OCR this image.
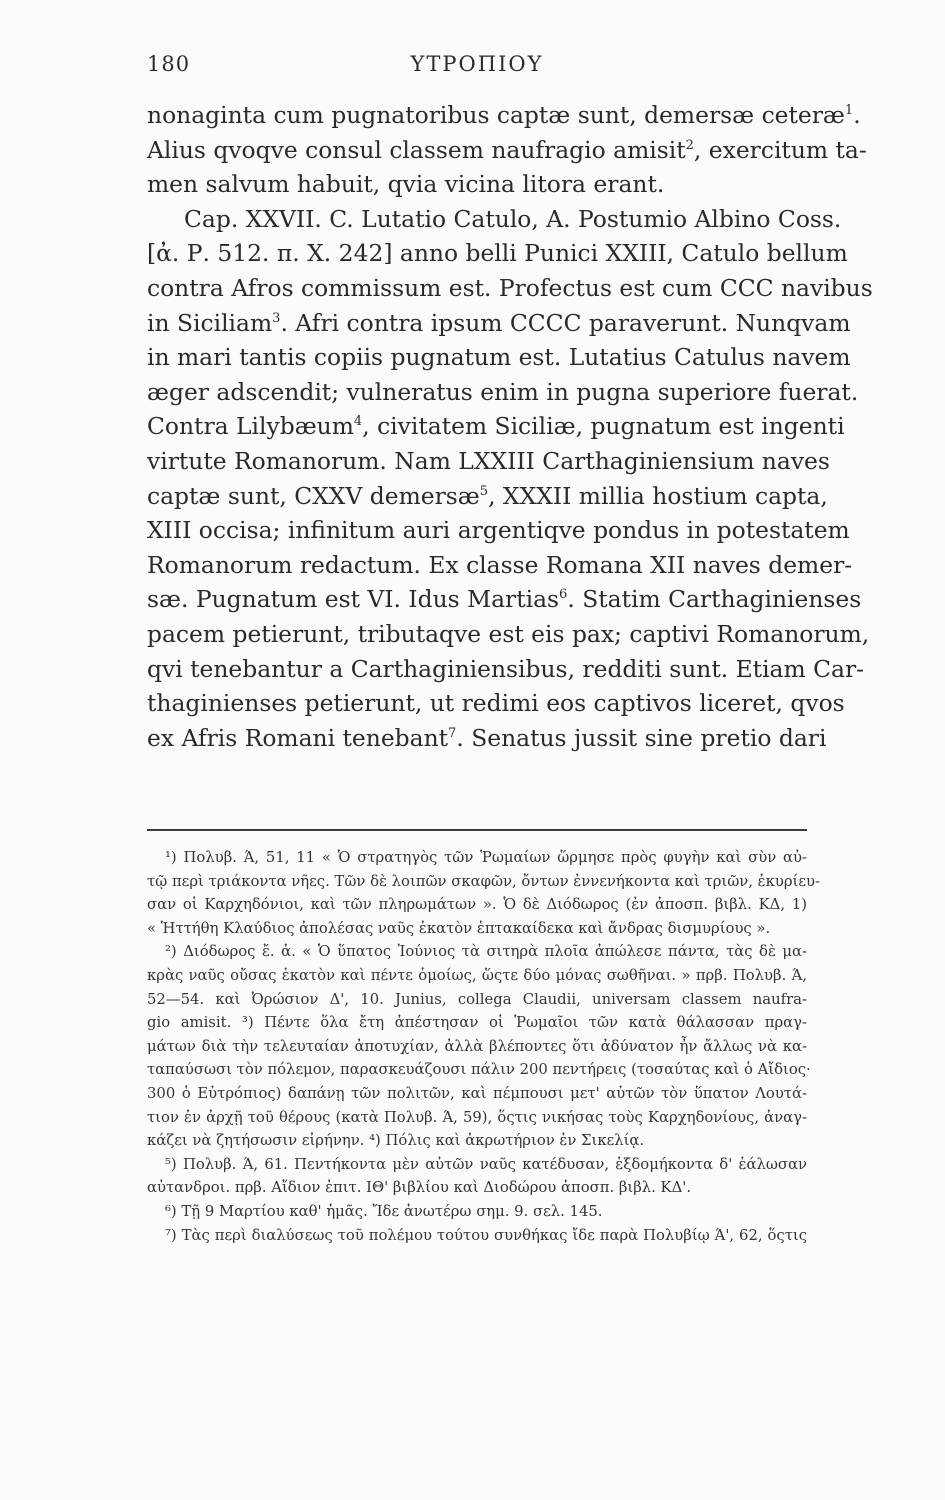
180	ΥΤΡΟΠΙΟΥ
nonaginta cum pugnatoribus captæ sunt, demersæ ceteræ$^1$.
Alius qvoqve consul classem naufragio amisit$^2$, exercitum ta-
men salvum habuit, qvia vicina litora erant.
Cap. XXVII. C. Lutatio Catulo, A. Postumio Albino Coss.
[ἀ. Ρ. 512. π. Χ. 242] anno belli Punici XXIII, Catulo bellum
contra Afros commissum est. Profectus est cum CCC navibus
in Siciliam$^3$. Afri contra ipsum CCCC paraverunt. Nunqvam
in mari tantis copiis pugnatum est. Lutatius Catulus navem
æger adscendit; vulneratus enim in pugna superiore fuerat.
Contra Lilybæum$^4$, civitatem Siciliæ, pugnatum est ingenti
virtute Romanorum. Nam LXXIII Carthaginiensium naves
captæ sunt, CXXV demersæ$^5$, XXXII millia hostium capta,
XIII occisa; infinitum auri argentiqve pondus in potestatem
Romanorum redactum. Ex classe Romana XII naves demer-
sæ. Pugnatum est VI. Idus Martias$^6$. Statim Carthaginienses
pacem petierunt, tributaqve est eis pax; captivi Romanorum,
qvi tenebantur a Carthaginiensibus, redditi sunt. Etiam Car-
thaginienses petierunt, ut redimi eos captivos liceret, qvos
ex Afris Romani tenebant$^7$. Senatus jussit sine pretio dari
¹) Πολυβ. Ά, 51, 11 « Ὁ στρατηγὸς τῶν Ῥωμαίων ὥρμησε πρὸς φυγὴν καὶ σὺν αὐ-
τῷ περὶ τριάκοντα νῆες. Τῶν δὲ λοιπῶν σκαφῶν, ὄντων ἐννενήκοντα καὶ τριῶν, ἐκυρίευ-
σαν οἱ Καρχηδόνιοι, καὶ τῶν πληρωμάτων ». Ὁ δὲ Διόδωρος (ἐν ἀποσπ. βιβλ. ΚΔ, 1)
« Ἡττήθη Κλαύδιος ἀπολέσας ναῦς ἑκατὸν ἑπτακαίδεκα καὶ ἄνδρας δισμυρίους ».
²) Διόδωρος ἔ. ἀ. « Ὁ ὕπατος Ἰούνιος τὰ σιτηρὰ πλοῖα ἀπώλεσε πάντα, τὰς δὲ μα-
κρὰς ναῦς οὔσας ἑκατὸν καὶ πέντε ὁμοίως, ὥςτε δύο μόνας σωθῆναι. » πρβ. Πολυβ. Ά,
52—54. καὶ Ὀρώσιον Δ', 10. Junius, collega Claudii, universam classem naufra-
gio amisit. ³) Πέντε ὅλα ἔτη ἀπέστησαν οἱ Ῥωμαῖοι τῶν κατὰ θάλασσαν πραγ-
μάτων διὰ τὴν τελευταίαν ἀποτυχίαν, ἀλλὰ βλέποντες ὅτι ἀδύνατον ἦν ἄλλως νὰ κα-
ταπαύσωσι τὸν πόλεμον, παρασκευάζουσι πάλιν 200 πεντήρεις (τοσαύτας καὶ ὁ Αἴδιος·
300 ὁ Εὐτρόπιος) δαπάνῃ τῶν πολιτῶν, καὶ πέμπουσι μετ' αὐτῶν τὸν ὕπατον Λουτά-
τιον ἐν ἀρχῇ τοῦ θέρους (κατὰ Πολυβ. Ά, 59), ὅςτις νικήσας τοὺς Καρχηδονίους, ἀναγ-
κάζει νὰ ζητήσωσιν εἰρήνην. ⁴) Πόλις καὶ ἀκρωτήριον ἐν Σικελίᾳ.
⁵) Πολυβ. Ά, 61. Πεντήκοντα μὲν αὐτῶν ναῦς κατέδυσαν, ἑξδομήκοντα δ' ἑάλωσαν
αὐτανδροι. πρβ. Αἴδιον ἐπιτ. ΙΘ' βιβλίου καὶ Διοδώρου ἀποσπ. βιβλ. ΚΔ'.
⁶) Τῇ 9 Μαρτίου καθ' ἡμᾶς. Ἴδε ἀνωτέρω σημ. 9. σελ. 145.
⁷) Τὰς περὶ διαλύσεως τοῦ πολέμου τούτου συνθήκας ἴδε παρὰ Πολυβίῳ Ά', 62, ὅςτις
